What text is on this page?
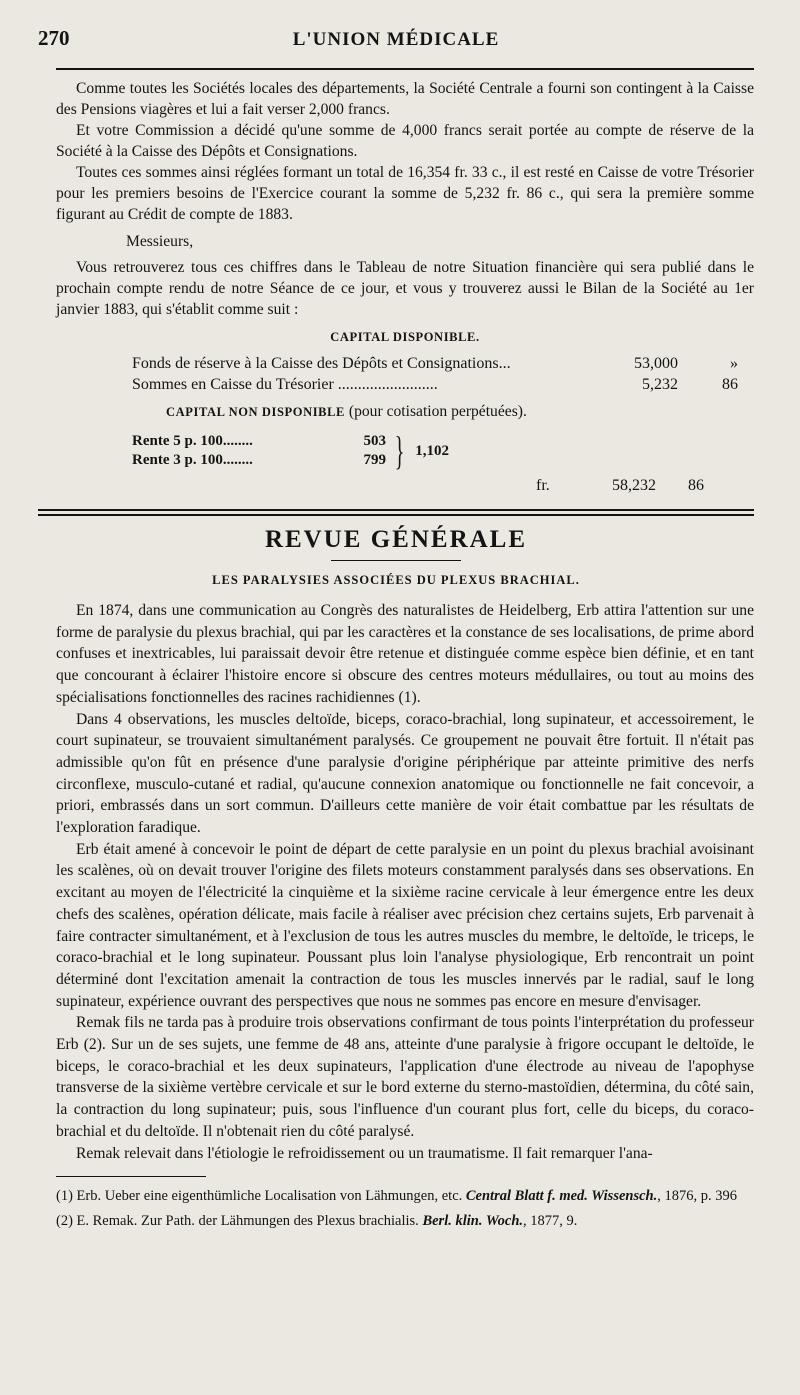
270	L'UNION MÉDICALE

Comme toutes les Sociétés locales des départements, la Société Centrale a fourni son contingent à la Caisse des Pensions viagères et lui a fait verser 2,000 francs.

Et votre Commission a décidé qu'une somme de 4,000 francs serait portée au compte de réserve de la Société à la Caisse des Dépôts et Consignations.

Toutes ces sommes ainsi réglées formant un total de 16,354 fr. 33 c., il est resté en Caisse de votre Trésorier pour les premiers besoins de l'Exercice courant la somme de 5,232 fr. 86 c., qui sera la première somme figurant au Crédit de compte de 1883.

Messieurs,

Vous retrouverez tous ces chiffres dans le Tableau de notre Situation financière qui sera publié dans le prochain compte rendu de notre Séance de ce jour, et vous y trouverez aussi le Bilan de la Société au 1er janvier 1883, qui s'établit comme suit :

CAPITAL DISPONIBLE.
Fonds de réserve à la Caisse des Dépôts et Consignations...	53,000	»
Sommes en Caisse du Trésorier .........................	5,232	86
CAPITAL NON DISPONIBLE (pour cotisation perpétuées).
Rente 5 p. 100........	503
Rente 3 p. 100........	799 } 1,102
fr.	58,232	86
REVUE GÉNÉRALE
LES PARALYSIES ASSOCIÉES DU PLEXUS BRACHIAL.

En 1874, dans une communication au Congrès des naturalistes de Heidelberg, Erb attira l'attention sur une forme de paralysie du plexus brachial, qui par les caractères et la constance de ses localisations, de prime abord confuses et inextricables, lui paraissait devoir être retenue et distinguée comme espèce bien définie, et en tant que concourant à éclairer l'histoire encore si obscure des centres moteurs médullaires, ou tout au moins des spécialisations fonctionnelles des racines rachidiennes (1).

Dans 4 observations, les muscles deltoïde, biceps, coraco-brachial, long supinateur, et accessoirement, le court supinateur, se trouvaient simultanément paralysés. Ce groupement ne pouvait être fortuit. Il n'était pas admissible qu'on fût en présence d'une paralysie d'origine périphérique par atteinte primitive des nerfs circonflexe, musculo-cutané et radial, qu'aucune connexion anatomique ou fonctionnelle ne fait concevoir, a priori, embrassés dans un sort commun. D'ailleurs cette manière de voir était combattue par les résultats de l'exploration faradique.

Erb était amené à concevoir le point de départ de cette paralysie en un point du plexus brachial avoisinant les scalènes, où on devait trouver l'origine des filets moteurs constamment paralysés dans ses observations. En excitant au moyen de l'électricité la cinquième et la sixième racine cervicale à leur émergence entre les deux chefs des scalènes, opération délicate, mais facile à réaliser avec précision chez certains sujets, Erb parvenait à faire contracter simultanément, et à l'exclusion de tous les autres muscles du membre, le deltoïde, le triceps, le coraco-brachial et le long supinateur. Poussant plus loin l'analyse physiologique, Erb rencontrait un point déterminé dont l'excitation amenait la contraction de tous les muscles innervés par le radial, sauf le long supinateur, expérience ouvrant des perspectives que nous ne sommes pas encore en mesure d'envisager.

Remak fils ne tarda pas à produire trois observations confirmant de tous points l'interprétation du professeur Erb (2). Sur un de ses sujets, une femme de 48 ans, atteinte d'une paralysie à frigore occupant le deltoïde, le biceps, le coraco-brachial et les deux supinateurs, l'application d'une électrode au niveau de l'apophyse transverse de la sixième vertèbre cervicale et sur le bord externe du sterno-mastoïdien, détermina, du côté sain, la contraction du long supinateur; puis, sous l'influence d'un courant plus fort, celle du biceps, du coraco-brachial et du deltoïde. Il n'obtenait rien du côté paralysé.

Remak relevait dans l'étiologie le refroidissement ou un traumatisme. Il fait remarquer l'ana-

(1) Erb. Ueber eine eigenthümliche Localisation von Lähmungen, etc. Central Blatt f. med. Wissensch., 1876, p. 396
(2) E. Remak. Zur Path. der Lähmungen des Plexus brachialis. Berl. klin. Woch., 1877, 9.
